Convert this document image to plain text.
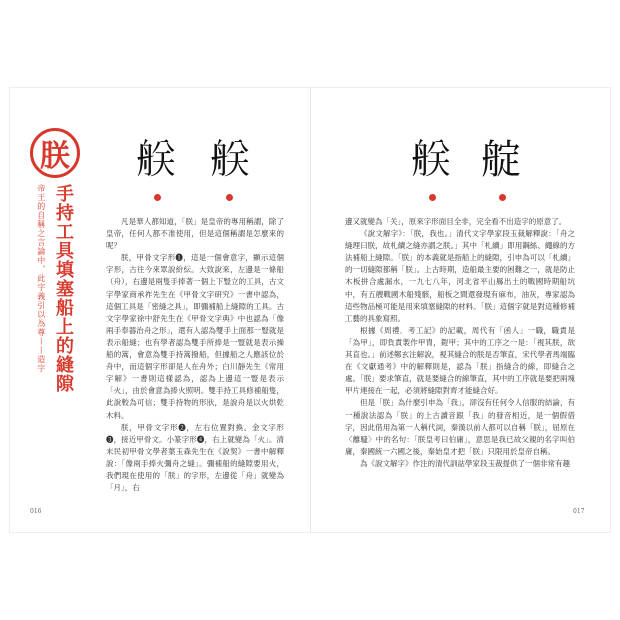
朕
手持工具填塞船上的縫隙
帝王的自稱之言論中，此字義引以為尊——造字
𦨶 𦨶

凡是華人都知道，「朕」是皇帝的專用稱謂，除了皇帝，任何人都不准使用，但是這個稱謂是怎麼來的呢？

朕，甲骨文字形❶，這是一個會意字，顯示這個字形，古往今來眾說紛紜。大致說來，左邊是一條船（舟），右邊是兩隻手捧著一個上下豎立的工具，古文字學家商承祚先生在《甲骨文字研究》一書中認為，這個工具是「密縫之具」，即彌補船上縫隙的工具。古文字學家徐中舒先生在《甲骨文字典》中也認為「像兩手奉器治舟之形」，還有人認為雙手上面那一豎就是表示船縫；也有學者認為雙手所捧是一豎就是表示操船的篙，會意為雙手持篙撥船，但據船之人應該位於舟中，而這個字形卻是人在舟外；白川靜先生《常用字解》一書則這樣認為，認為上邊這一豎是表示「火」，由於會意為捧火照明。雙手持工具修補船隻，此說較為可信；雙手持物的形狀，是說舟是以火烘乾木料。

朕，甲骨文字形❷，左右位置對換。金文字形❸，接近甲骨文。小篆字形❹，右上就變為「火」。清末民初甲骨文學者葉玉森先生在《說契》一書中解釋說：「像兩手捧火彌舟之縫」。彌補船的縫隙要用火，我們現在使用的「朕」的字形，左邊從「舟」就變為「月」，右

016
𦨶 𦩘

邊又就變為「关」，原來字形面目全非，完全看不出造字的原意了。

《說文解字》：「朕，我也。」清代文字學家段玉裁解釋說：「舟之縫理曰朕，故札續之縫亦謂之朕。」其中「札續」即用鋼絲、繩線的方法補船上縫隙。「朕」的本義就是指船上的縫隙，引申為可以「札續」的一切縫隙都稱「朕」。上古時期，造船最主要的困難之一，就是防止木板拼合處漏水，一九七八年，河北省平山縣出土的戰國時期船坑中，有五艘戰國木船殘骸，船板之間還發現有麻布，油灰，專家認為這些物品極可能是用來填塞縫隙的材料。「朕」這個字就是對這種修補工藝的具象寫照。

根據《周禮．考工記》的記載，周代有「函人」一職，職責是「為甲」，即負責製作甲冑，鎧甲；其中的工序之一是：「視其朕，欲其直也。」前述鄭玄注解說，視其縫合的朕是否筆直，宋代學者馬端臨在《文獻通考》中的解釋則是，認為「朕」指縫合的線，即縫合之處。「朕」要求筆直，就是要縫合的線筆直，其中的工序就是要把兩塊甲片連接在一起，必須將縫隙對齊才能縫合好。

但是「朕」為什麼引申為「我」，卻沒有任何令人信服的結論，有一種說法認為「朕」的上古讀音跟「我」的發音相近，是一個假借字，因此借用為第一人稱代詞，秦漢以前人都可以自稱「朕」，屈原在〈離騷〉中的名句：「朕皇考曰伯庸」，意思是我已故父親的名字叫伯庸，秦國統一六國之後，秦始皇才把「朕」只限用於皇帝自稱。

為《說文解字》作注的清代訓詁學家段玉裁提供了一個非常有趣

017
